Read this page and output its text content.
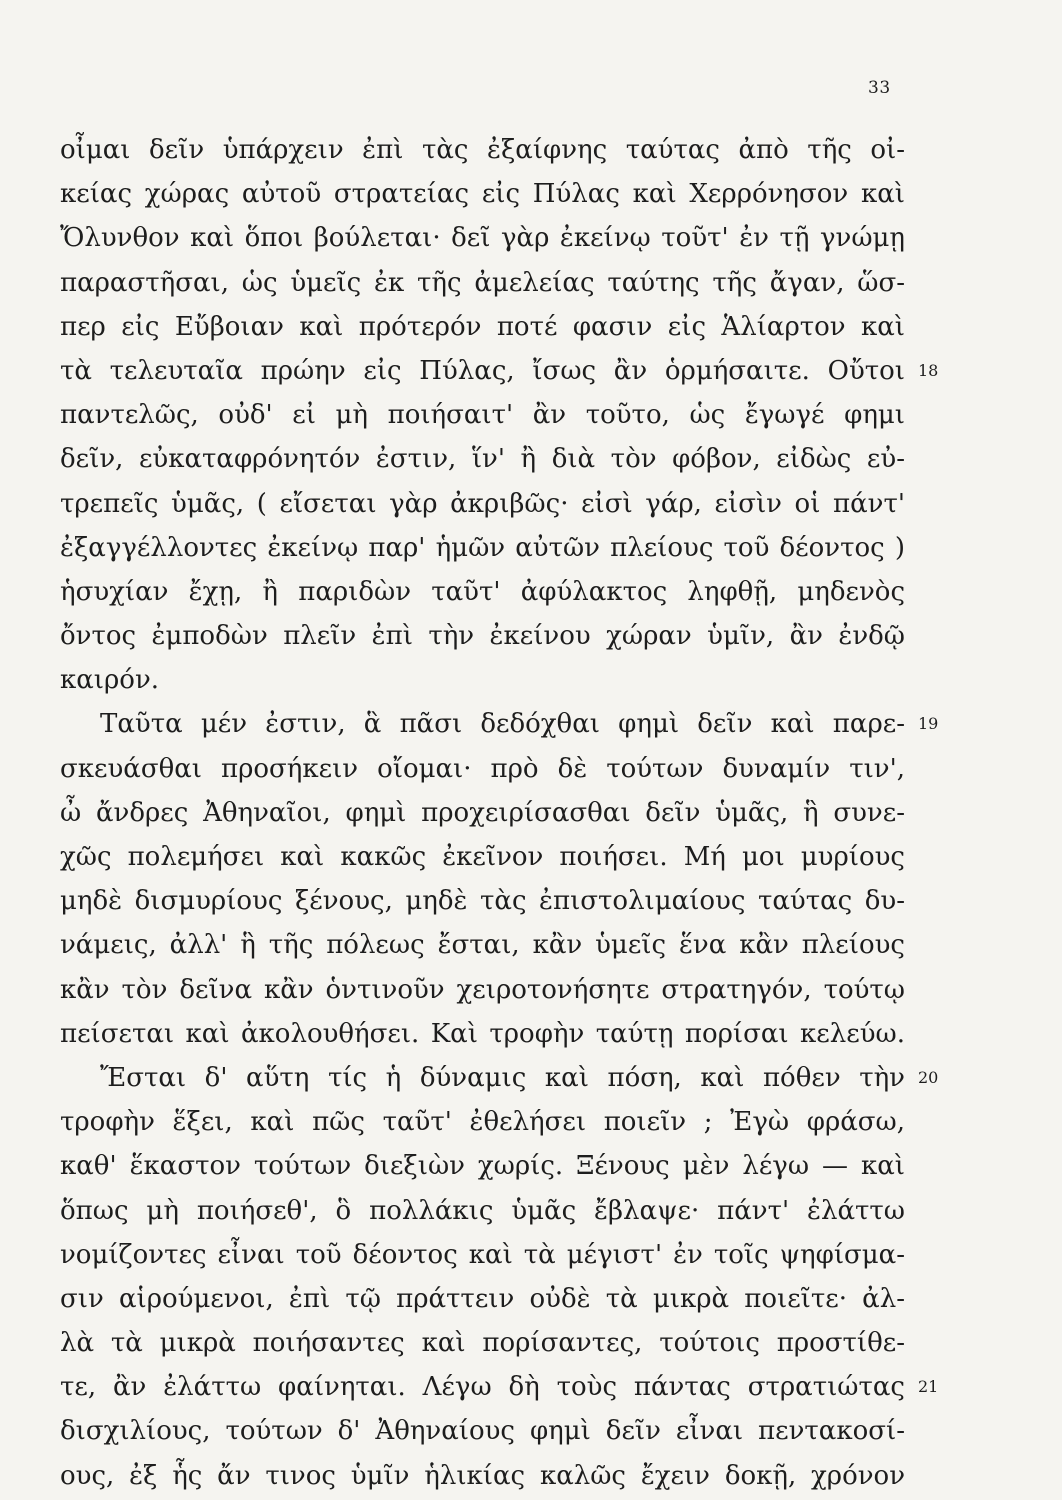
33
οἶμαι δεῖν ὑπάρχειν ἐπὶ τὰς ἐξαίφνης ταύτας ἀπὸ τῆς οἰ-
κείας χώρας αὐτοῦ στρατείας εἰς Πύλας καὶ Χερρόνησον καὶ
Ὄλυνθον καὶ ὅποι βούλεται· δεῖ γὰρ ἐκείνῳ τοῦτ' ἐν τῇ γνώμῃ
παραστῆσαι, ὡς ὑμεῖς ἐκ τῆς ἀμελείας ταύτης τῆς ἄγαν, ὥσ-
περ εἰς Εὔβοιαν καὶ πρότερόν ποτέ φασιν εἰς Ἁλίαρτον καὶ
τὰ τελευταῖα πρώην εἰς Πύλας, ἴσως ἂν ὁρμήσαιτε. Οὔτοι 18
παντελῶς, οὐδ' εἰ μὴ ποιήσαιτ' ἂν τοῦτο, ὡς ἔγωγέ φημι
δεῖν, εὐκαταφρόνητόν ἐστιν, ἵν' ἢ διὰ τὸν φόβον, εἰδὼς εὐ-
τρεπεῖς ὑμᾶς, ( εἴσεται γὰρ ἀκριβῶς· εἰσὶ γάρ, εἰσὶν οἱ πάντ'
ἐξαγγέλλοντες ἐκείνῳ παρ' ἡμῶν αὐτῶν πλείους τοῦ δέοντος )
ἡσυχίαν ἔχῃ, ἢ παριδὼν ταῦτ' ἀφύλακτος ληφθῇ, μηδενὸς
ὄντος ἐμποδὼν πλεῖν ἐπὶ τὴν ἐκείνου χώραν ὑμῖν, ἂν ἐνδῷ
καιρόν.
Ταῦτα μέν ἐστιν, ἃ πᾶσι δεδόχθαι φημὶ δεῖν καὶ παρε- 19
σκευάσθαι προσήκειν οἴομαι· πρὸ δὲ τούτων δυναμίν τιν',
ὦ ἄνδρες Ἀθηναῖοι, φημὶ προχειρίσασθαι δεῖν ὑμᾶς, ἣ συνε-
χῶς πολεμήσει καὶ κακῶς ἐκεῖνον ποιήσει. Μή μοι μυρίους
μηδὲ δισμυρίους ξένους, μηδὲ τὰς ἐπιστολιμαίους ταύτας δυ-
νάμεις, ἀλλ' ἣ τῆς πόλεως ἔσται, κἂν ὑμεῖς ἕνα κἂν πλείους
κἂν τὸν δεῖνα κἂν ὁντινοῦν χειροτονήσητε στρατηγόν, τούτῳ
πείσεται καὶ ἀκολουθήσει. Καὶ τροφὴν ταύτῃ πορίσαι κελεύω.
Ἔσται δ' αὕτη τίς ἡ δύναμις καὶ πόση, καὶ πόθεν τὴν 20
τροφὴν ἕξει, καὶ πῶς ταῦτ' ἐθελήσει ποιεῖν ; Ἐγὼ φράσω,
καθ' ἕκαστον τούτων διεξιὼν χωρίς. Ξένους μὲν λέγω — καὶ
ὅπως μὴ ποιήσεθ', ὃ πολλάκις ὑμᾶς ἔβλαψε· πάντ' ἐλάττω
νομίζοντες εἶναι τοῦ δέοντος καὶ τὰ μέγιστ' ἐν τοῖς ψηφίσμα-
σιν αἱρούμενοι, ἐπὶ τῷ πράττειν οὐδὲ τὰ μικρὰ ποιεῖτε· ἀλ-
λὰ τὰ μικρὰ ποιήσαντες καὶ πορίσαντες, τούτοις προστίθε-
τε, ἂν ἐλάττω φαίνηται. Λέγω δὴ τοὺς πάντας στρατιώτας 21
δισχιλίους, τούτων δ' Ἀθηναίους φημὶ δεῖν εἶναι πεντακοσί-
ους, ἐξ ἧς ἄν τινος ὑμῖν ἡλικίας καλῶς ἔχειν δοκῇ, χρόνον
